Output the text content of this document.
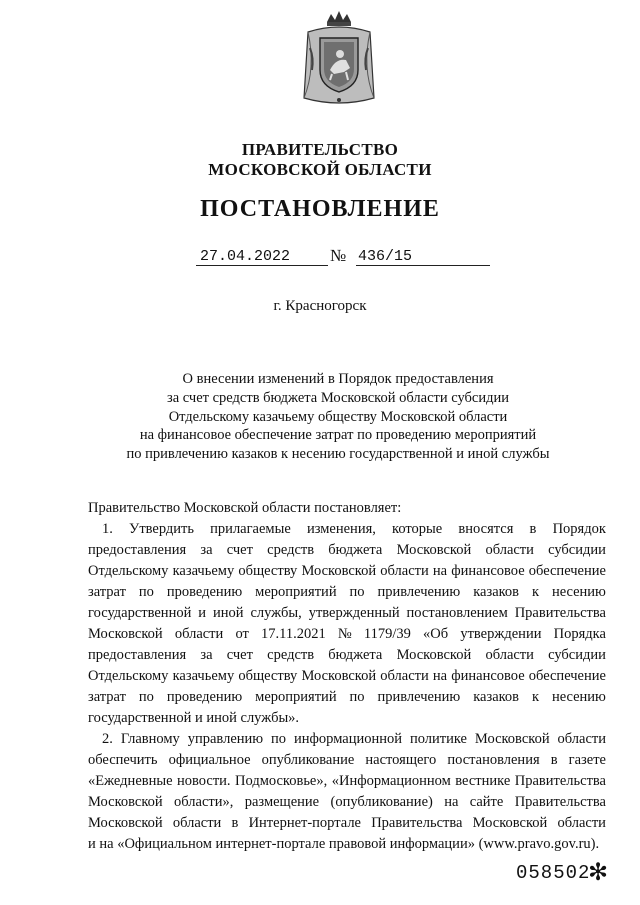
ПРАВИТЕЛЬСТВО
МОСКОВСКОЙ ОБЛАСТИ
ПОСТАНОВЛЕНИЕ
27.04.2022	№ 436/15
г. Красногорск
О внесении изменений в Порядок предоставления
за счет средств бюджета Московской области субсидии
Отдельскому казачьему обществу Московской области
на финансовое обеспечение затрат по проведению мероприятий
по привлечению казаков к несению государственной и иной службы
Правительство Московской области постановляет:
1. Утвердить прилагаемые изменения, которые вносятся в Порядок
предоставления за счет средств бюджета Московской области субсидии
Отдельскому казачьему обществу Московской области на финансовое обеспечение
затрат по проведению мероприятий по привлечению казаков к несению
государственной и иной службы, утвержденный постановлением Правительства
Московской области от 17.11.2021 № 1179/39 «Об утверждении Порядка
предоставления за счет средств бюджета Московской области субсидии
Отдельскому казачьему обществу Московской области на финансовое обеспечение
затрат по проведению мероприятий по привлечению казаков к несению
государственной и иной службы».
2. Главному управлению по информационной политике Московской области
обеспечить официальное опубликование настоящего постановления в газете
«Ежедневные новости. Подмосковье», «Информационном вестнике Правительства
Московской области», размещение (опубликование) на сайте Правительства
Московской области в Интернет-портале Правительства Московской области
и на «Официальном интернет-портале правовой информации» (www.pravo.gov.ru).
058502
✻
